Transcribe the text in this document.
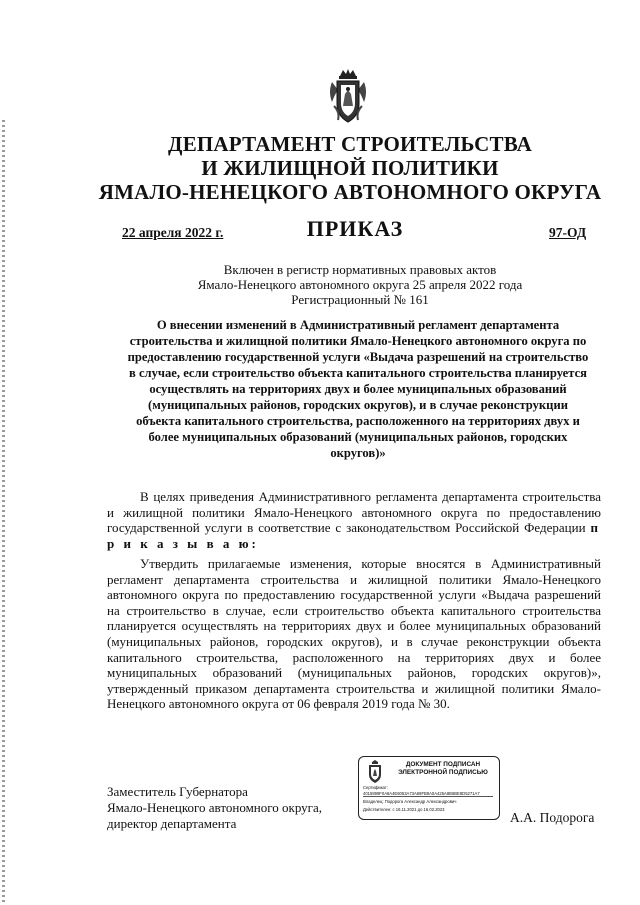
ДЕПАРТАМЕНТ СТРОИТЕЛЬСТВА
И ЖИЛИЩНОЙ ПОЛИТИКИ
ЯМАЛО-НЕНЕЦКОГО АВТОНОМНОГО ОКРУГА
22 апреля 2022 г.	ПРИКАЗ	97-ОД
Включен в регистр нормативных правовых актов
Ямало-Ненецкого автономного округа 25 апреля 2022 года
Регистрационный № 161
О внесении изменений в Административный регламент департамента
строительства и жилищной политики Ямало-Ненецкого автономного округа по
предоставлению государственной услуги «Выдача разрешений на строительство
в случае, если строительство объекта капитального строительства планируется
осуществлять на территориях двух и более муниципальных образований
(муниципальных районов, городских округов), и в случае реконструкции
объекта капитального строительства, расположенного на территориях двух и
более муниципальных образований (муниципальных районов, городских
округов)»
В целях приведения Административного регламента департамента строительства и жилищной политики Ямало-Ненецкого автономного округа по предоставлению государственной услуги в соответствие с законодательством Российской Федерации п р и к а з ы в а ю:
Утвердить прилагаемые изменения, которые вносятся в Административный регламент департамента строительства и жилищной политики Ямало-Ненецкого автономного округа по предоставлению государственной услуги «Выдача разрешений на строительство в случае, если строительство объекта капитального строительства планируется осуществлять на территориях двух и более муниципальных образований (муниципальных районов, городских округов), и в случае реконструкции объекта капитального строительства, расположенного на территориях двух и более муниципальных образований (муниципальных районов, городских округов)», утвержденный приказом департамента строительства и жилищной политики Ямало-Ненецкого автономного округа от 06 февраля 2019 года № 30.
Заместитель Губернатора
Ямало-Ненецкого автономного округа,
директор департамента	А.А. Подорога
ДОКУМЕНТ ПОДПИСАН
ЭЛЕКТРОННОЙ ПОДПИСЬЮ
Сертификат:
4015899F0A8A4E6053A73A68FB8A0A425A8B6BE8D5271A7
Владелец: Подорога Александр Александрович
Действителен: с 16.11.2021 до 16.02.2023
